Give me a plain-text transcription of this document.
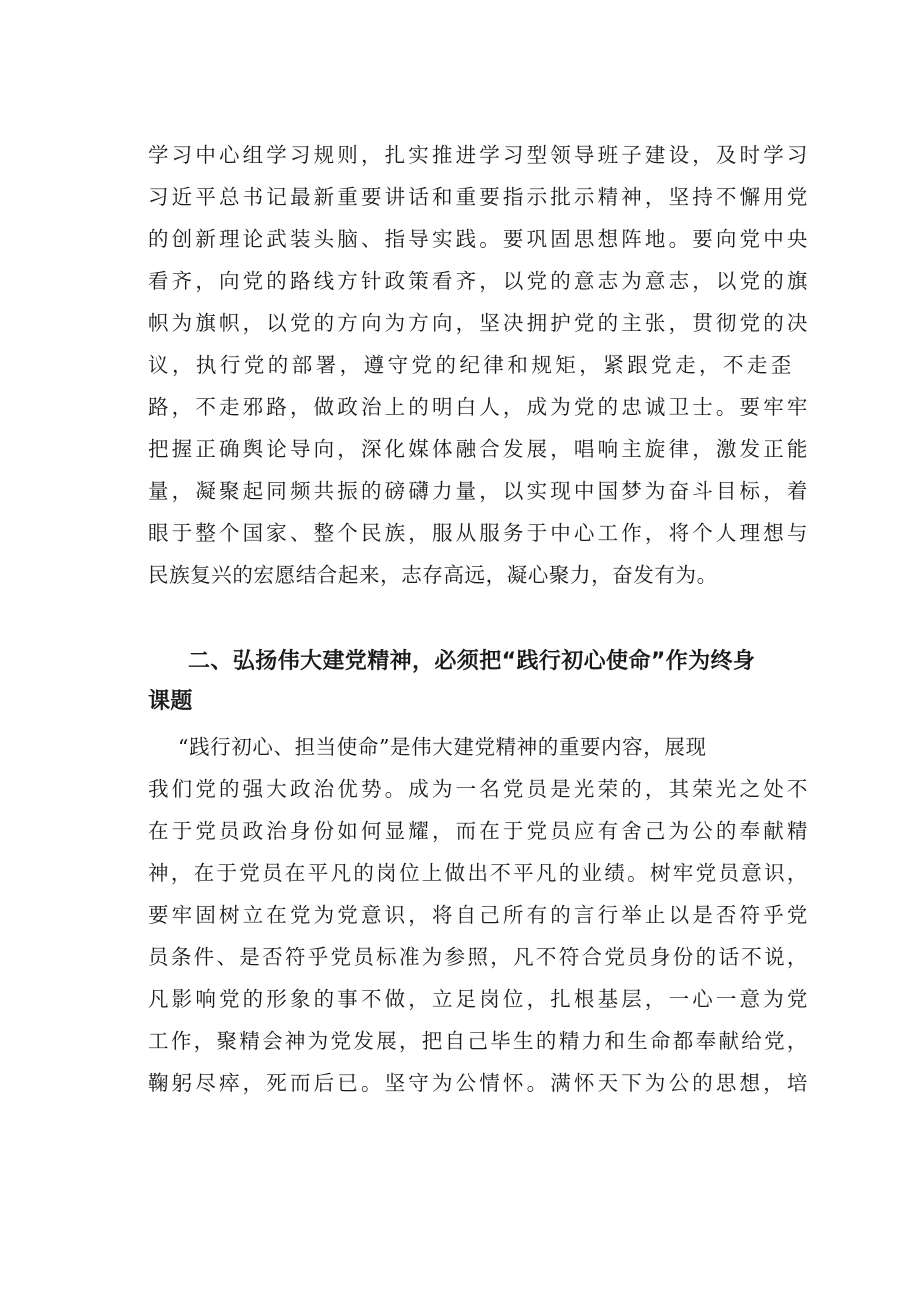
学习中心组学习规则，扎实推进学习型领导班子建设，及时学习
习近平总书记最新重要讲话和重要指示批示精神，坚持不懈用党
的创新理论武装头脑、指导实践。要巩固思想阵地。要向党中央
看齐，向党的路线方针政策看齐，以党的意志为意志，以党的旗
帜为旗帜，以党的方向为方向，坚决拥护党的主张，贯彻党的决
议，执行党的部署，遵守党的纪律和规矩，紧跟党走，不走歪
路，不走邪路，做政治上的明白人，成为党的忠诚卫士。要牢牢
把握正确舆论导向，深化媒体融合发展，唱响主旋律，激发正能
量，凝聚起同频共振的磅礴力量，以实现中国梦为奋斗目标，着
眼于整个国家、整个民族，服从服务于中心工作，将个人理想与
民族复兴的宏愿结合起来，志存高远，凝心聚力，奋发有为。
二、弘扬伟大建党精神，必须把“践行初心使命”作为终身
课题
“践行初心、担当使命”是伟大建党精神的重要内容，展现
我们党的强大政治优势。成为一名党员是光荣的，其荣光之处不
在于党员政治身份如何显耀，而在于党员应有舍己为公的奉献精
神，在于党员在平凡的岗位上做出不平凡的业绩。树牢党员意识，
要牢固树立在党为党意识，将自己所有的言行举止以是否符乎党
员条件、是否符乎党员标准为参照，凡不符合党员身份的话不说，
凡影响党的形象的事不做，立足岗位，扎根基层，一心一意为党
工作，聚精会神为党发展，把自己毕生的精力和生命都奉献给党，
鞠躬尽瘁，死而后已。坚守为公情怀。满怀天下为公的思想，培
